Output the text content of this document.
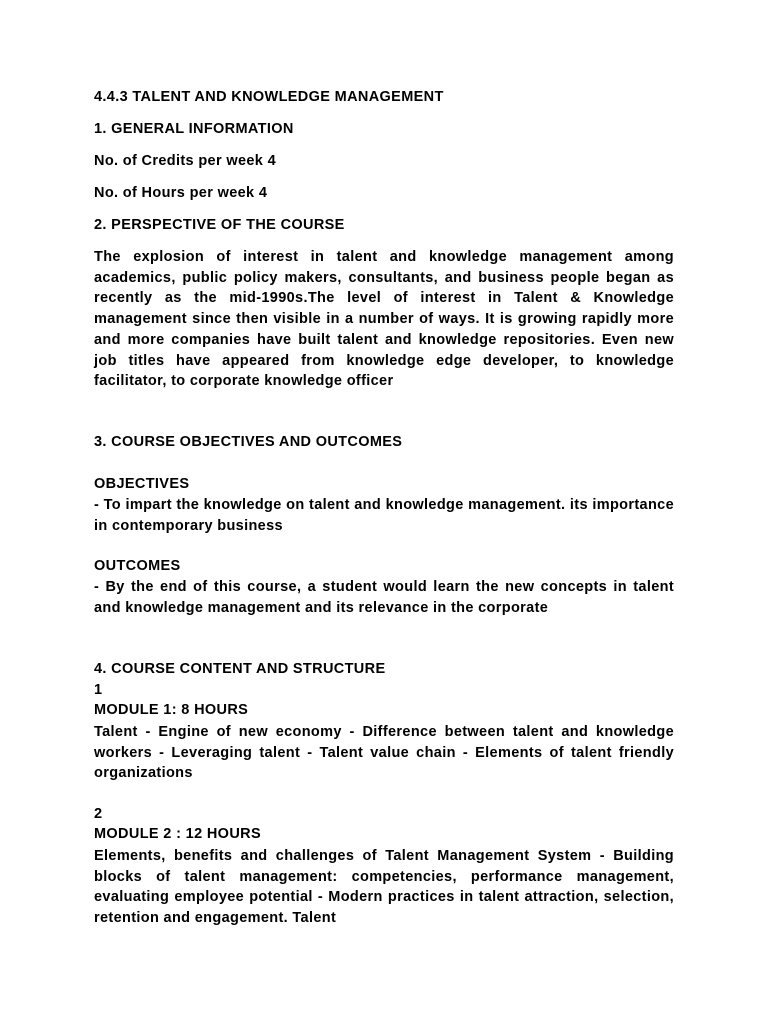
4.4.3 TALENT AND KNOWLEDGE MANAGEMENT
1. GENERAL INFORMATION
No. of Credits per week 4
No. of Hours per week 4
2. PERSPECTIVE OF THE COURSE

The explosion of interest in talent and knowledge management among academics, public policy makers, consultants, and business people began as recently as the mid-1990s.The level of interest in Talent & Knowledge management since then visible in a number of ways. It is growing rapidly more and more companies have built talent and knowledge repositories. Even new job titles have appeared from knowledge edge developer, to knowledge facilitator, to corporate knowledge officer

3. COURSE OBJECTIVES AND OUTCOMES
OBJECTIVES

- To impart the knowledge on talent and knowledge management. its importance in contemporary business

OUTCOMES

- By the end of this course, a student would learn the new concepts in talent and knowledge management and its relevance in the corporate

4. COURSE CONTENT AND STRUCTURE
1
MODULE 1: 8 HOURS

Talent - Engine of new economy - Difference between talent and knowledge workers - Leveraging talent - Talent value chain - Elements of talent friendly organizations

2
MODULE 2 : 12 HOURS

Elements, benefits and challenges of Talent Management System - Building blocks of talent management: competencies, performance management, evaluating employee potential - Modern practices in talent attraction, selection, retention and engagement. Talent
